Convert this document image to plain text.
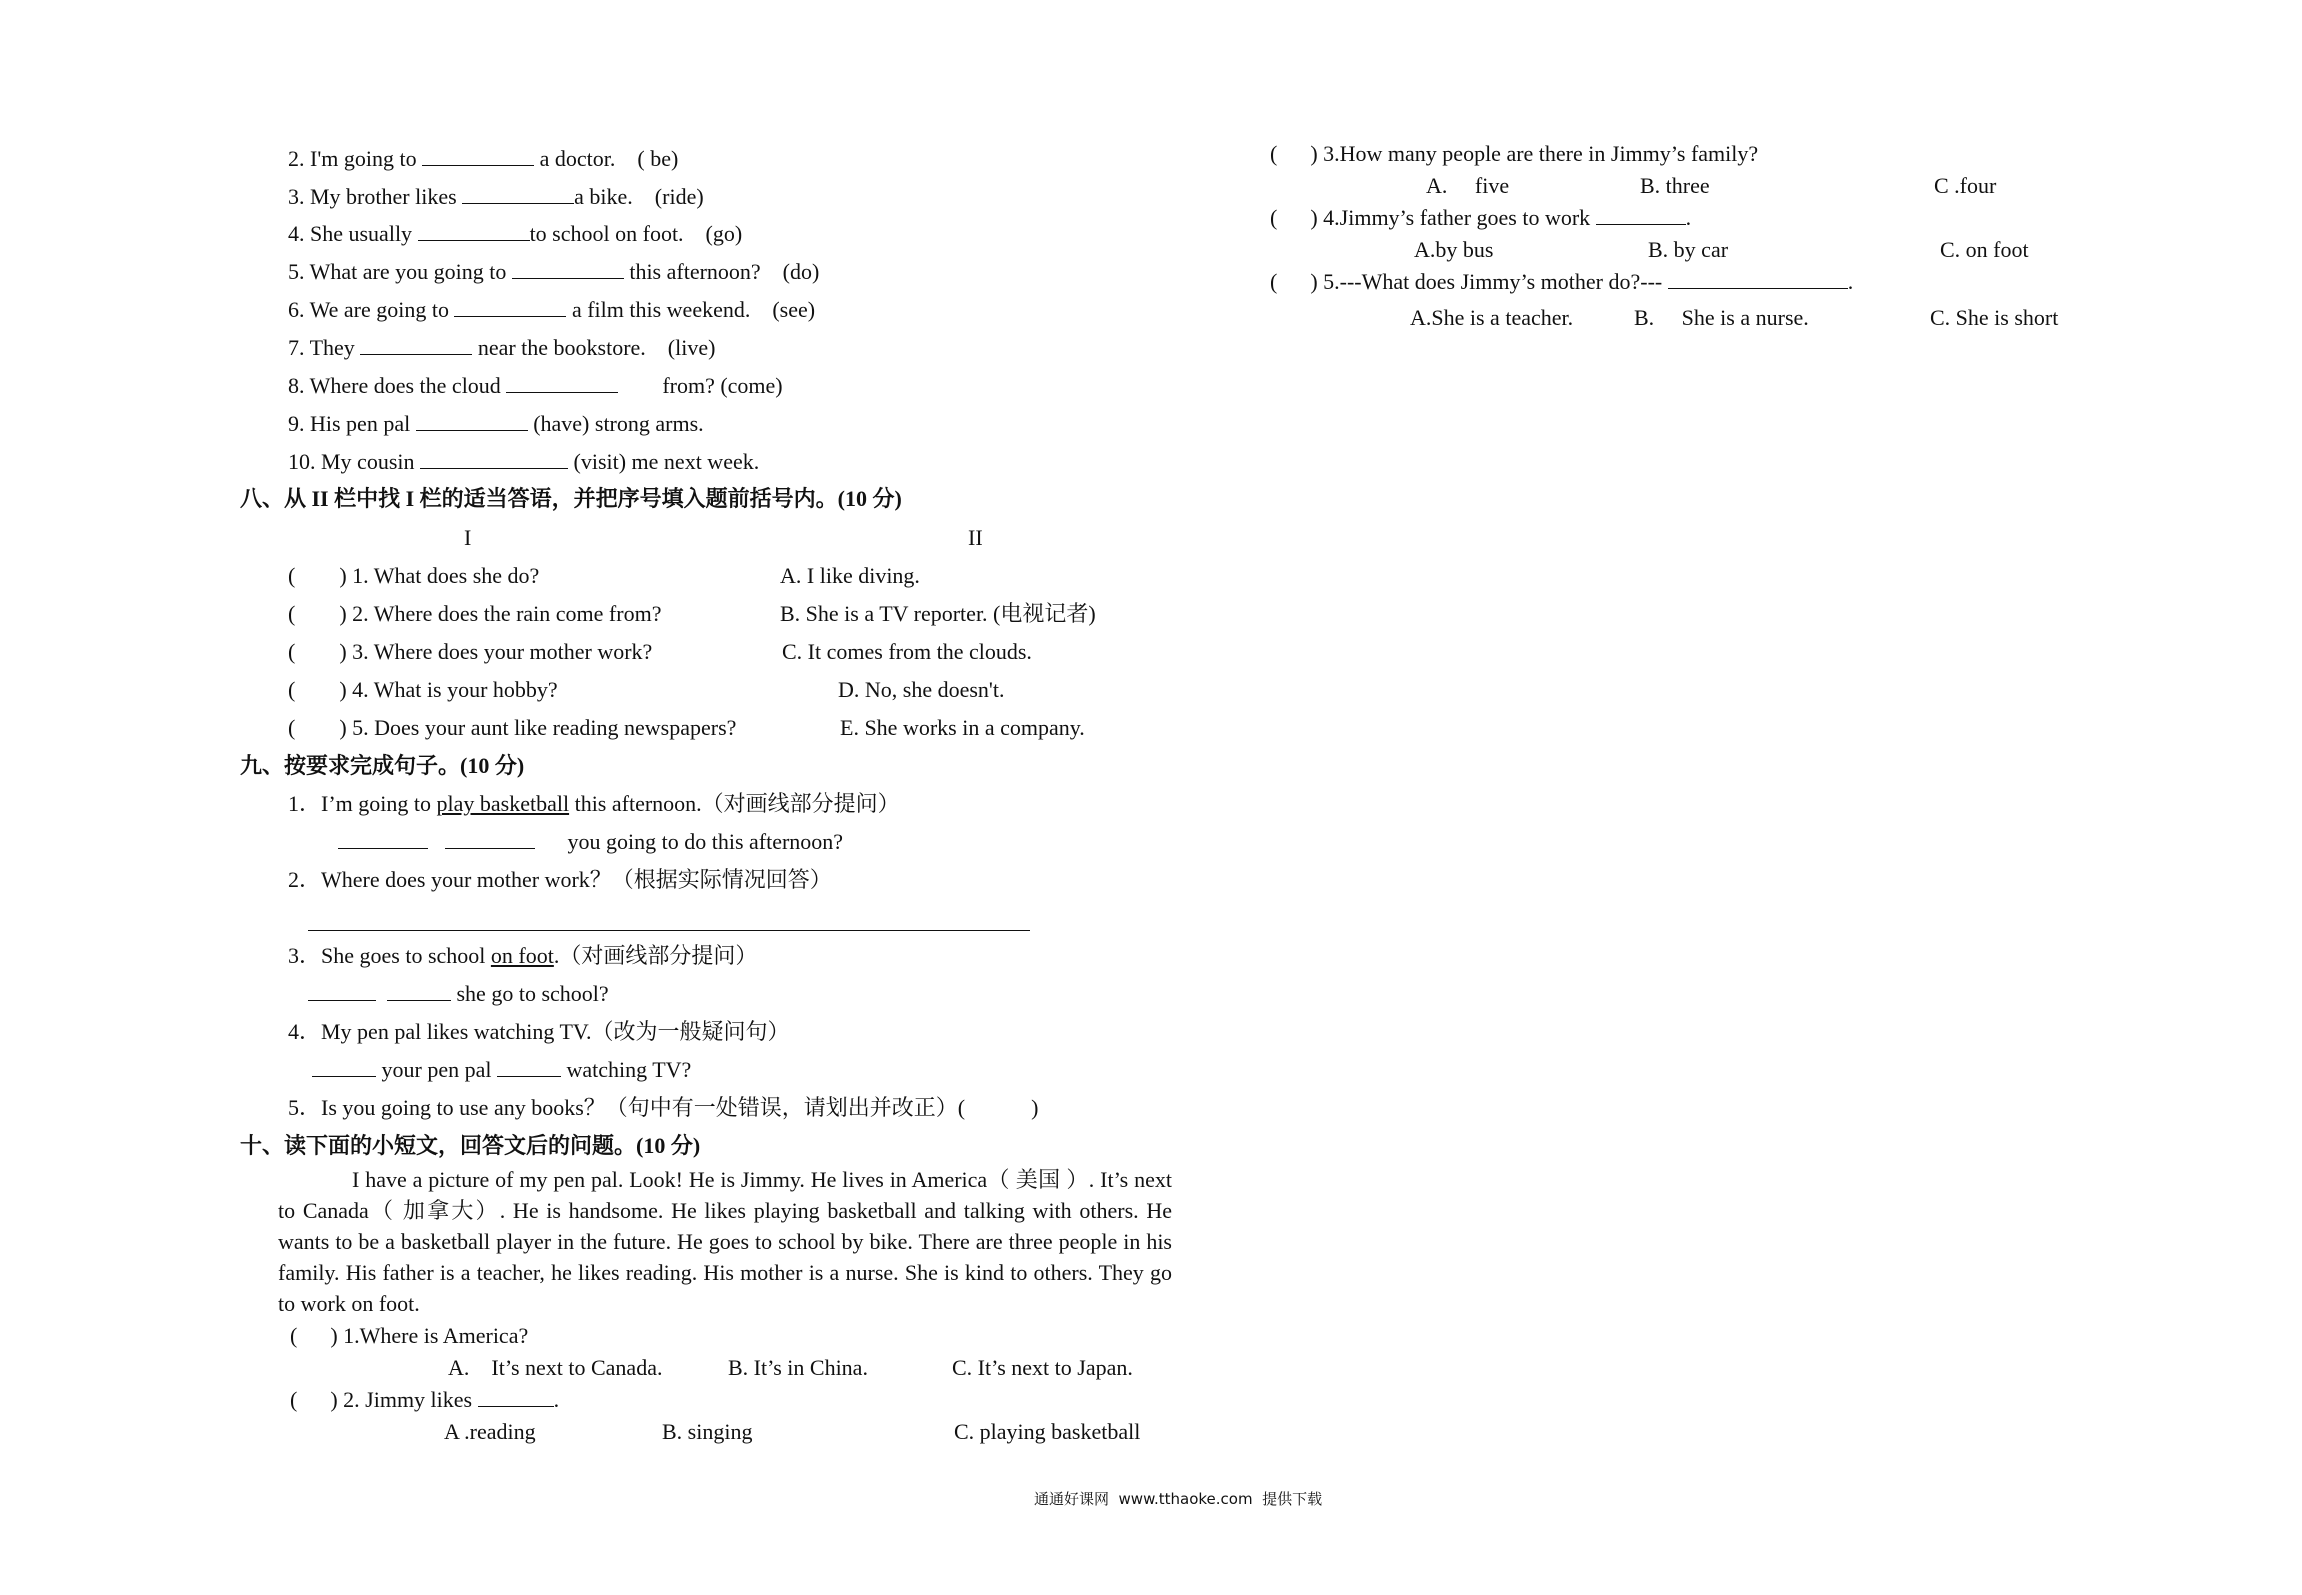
2. I'm going to	a doctor.    ( be)
3. My brother likes	a bike.    (ride)
4. She usually	to school on foot.    (go)
5. What are you going to	this afternoon?    (do)
6. We are going to	a film this weekend.    (see)
7. They	near the bookstore.    (live)
8. Where does the cloud	from? (come)
9. His pen pal	(have) strong arms.
10. My cousin	(visit) me next week.
八、从 II 栏中找 I 栏的适当答语，并把序号填入题前括号内。(10 分)
I	II
(        ) 1. What does she do?	A. I like diving.
(        ) 2. Where does the rain come from?	B. She is a TV reporter. (电视记者)
(        ) 3. Where does your mother work?	C. It comes from the clouds.
(        ) 4. What is your hobby?	D. No, she doesn't.
(        ) 5. Does your aunt like reading newspapers?	E. She works in a company.
九、按要求完成句子。(10 分)
1．I’m going to play basketball this afternoon.（对画线部分提问）
you going to do this afternoon?
2．Where does your mother work？（根据实际情况回答）
3．She goes to school on foot.（对画线部分提问）
she go to school?
4．My pen pal likes watching TV.（改为一般疑问句）
your pen pal	watching TV?
5．Is you going to use any books？（句中有一处错误，请划出并改正）(            )
十、读下面的小短文，回答文后的问题。(10 分)
I have a picture of my pen pal. Look! He is Jimmy. He lives in America（ 美国 ）. It’s next to Canada（ 加拿大）. He is handsome. He likes playing basketball and talking with others. He wants to be a basketball player in the future. He goes to school by bike. There are three people in his family. His father is a teacher, he likes reading. His mother is a nurse. She is kind to others. They go to work on foot.
(      ) 1.Where is America?
A.    It’s next to Canada.	B. It’s in China.	C. It’s next to Japan.
(      ) 2. Jimmy likes	.
A .reading	B. singing	C. playing basketball
(      ) 3.How many people are there in Jimmy’s family?
A.     five	B. three	C .four
(      ) 4.Jimmy’s father goes to work	.
A.by bus	B. by car	C. on foot
(      ) 5.---What does Jimmy’s mother do?---	.
A.She is a teacher.	B.     She is a nurse.	C. She is short
通通好课网  www.tthaoke.com  提供下载
